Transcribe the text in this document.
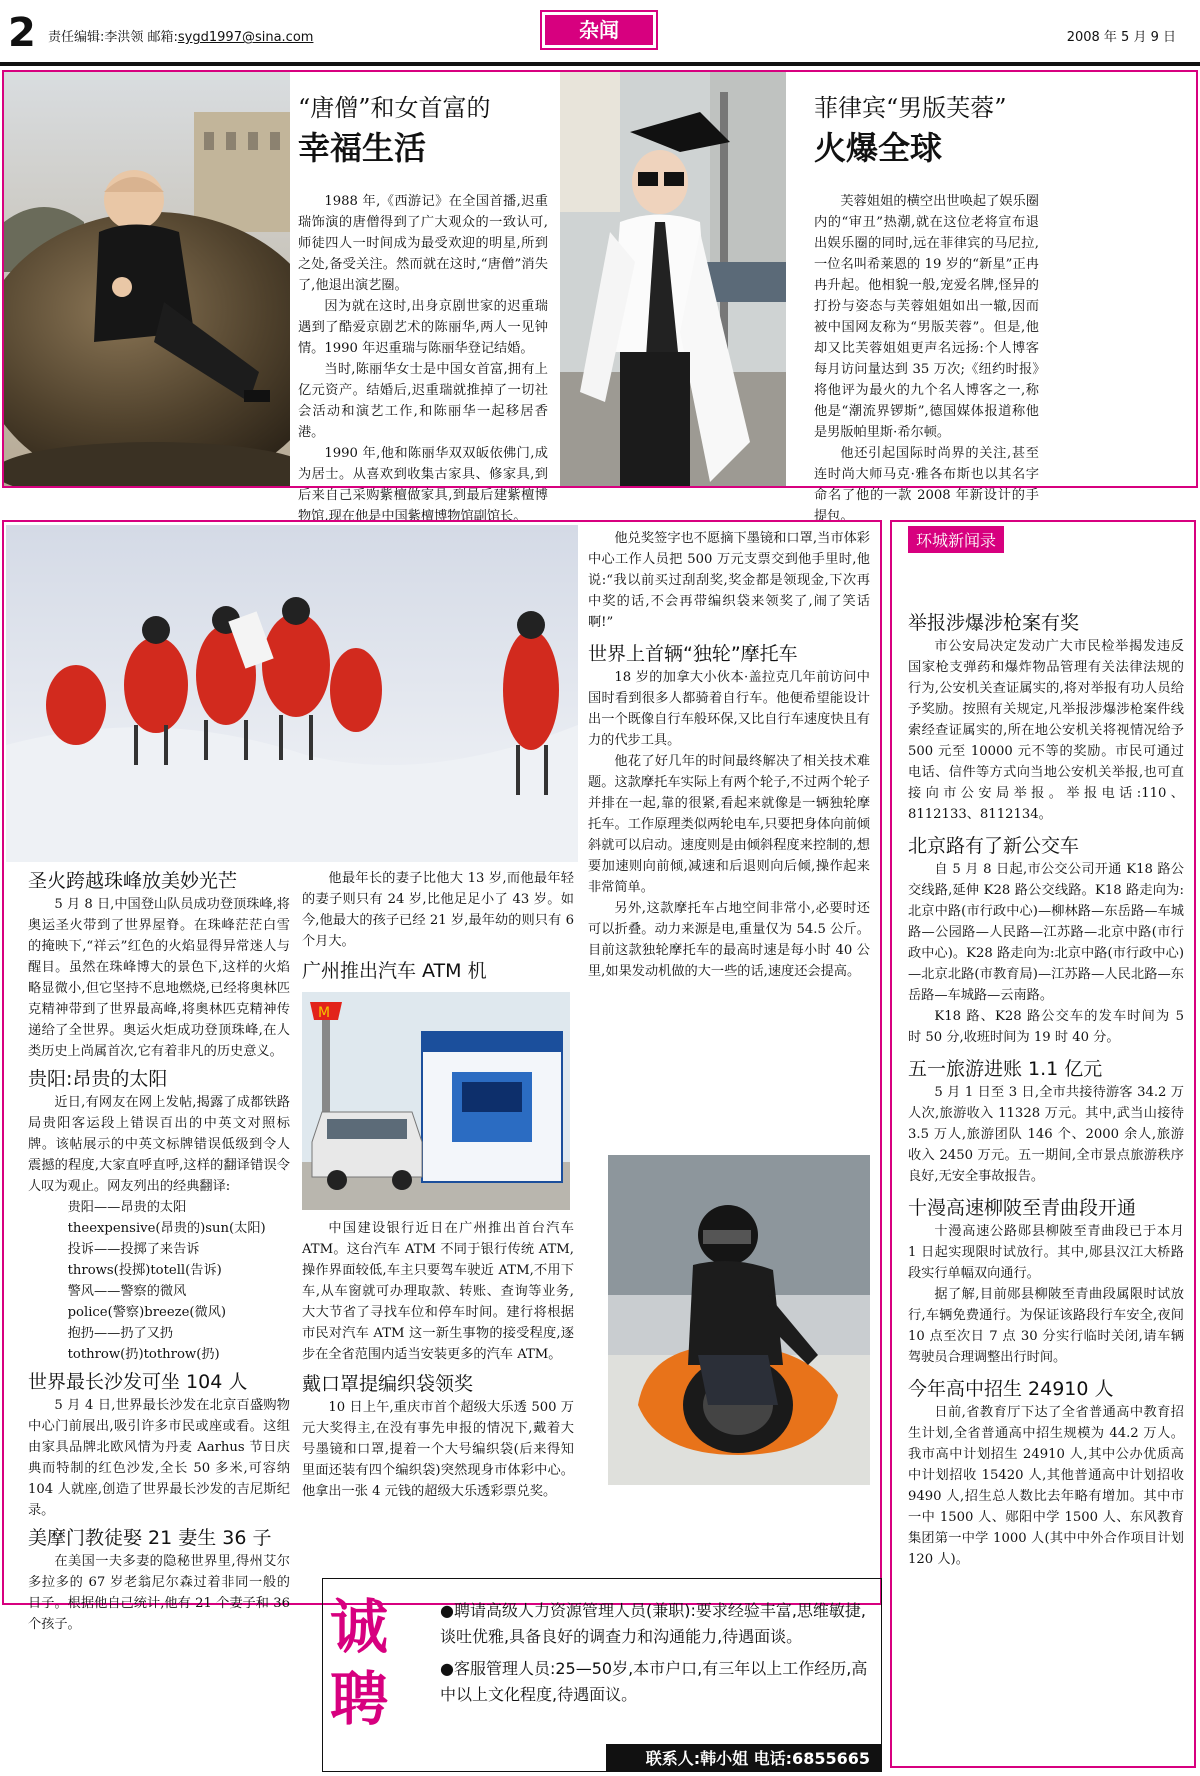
2 责任编辑:李洪领 邮箱:sygd1997@sina.com	杂闻	2008 年 5 月 9 日
“唐僧”和女首富的
幸福生活

1988 年,《西游记》在全国首播,迟重瑞饰演的唐僧得到了广大观众的一致认可,师徒四人一时间成为最受欢迎的明星,所到之处,备受关注。然而就在这时,“唐僧”消失了,他退出演艺圈。

因为就在这时,出身京剧世家的迟重瑞遇到了酷爱京剧艺术的陈丽华,两人一见钟情。1990 年迟重瑞与陈丽华登记结婚。

当时,陈丽华女士是中国女首富,拥有上亿元资产。结婚后,迟重瑞就推掉了一切社会活动和演艺工作,和陈丽华一起移居香港。

1990 年,他和陈丽华双双皈依佛门,成为居士。从喜欢到收集古家具、修家具,到后来自己采购紫檀做家具,到最后建紫檀博物馆,现在他是中国紫檀博物馆副馆长。

菲律宾“男版芙蓉”
火爆全球

芙蓉姐姐的横空出世唤起了娱乐圈内的“审丑”热潮,就在这位老将宣布退出娱乐圈的同时,远在菲律宾的马尼拉,一位名叫希莱恩的 19 岁的“新星”正冉冉升起。他相貌一般,宠爱名牌,怪异的打扮与姿态与芙蓉姐姐如出一辙,因而被中国网友称为“男版芙蓉”。但是,他却又比芙蓉姐姐更声名远扬:个人博客每月访问量达到 35 万次;《纽约时报》将他评为最火的九个名人博客之一,称他是“潮流界锣斯”,德国媒体报道称他是男版帕里斯·希尔顿。

他还引起国际时尚界的关注,甚至连时尚大师马克·雅各布斯也以其名字命名了他的一款 2008 年新设计的手提包。

圣火跨越珠峰放美妙光芒

5 月 8 日,中国登山队员成功登顶珠峰,将奥运圣火带到了世界屋脊。在珠峰茫茫白雪的掩映下,“祥云”红色的火焰显得异常迷人与醒目。虽然在珠峰博大的景色下,这样的火焰略显微小,但它坚持不息地燃烧,已经将奥林匹克精神带到了世界最高峰,将奥林匹克精神传递给了全世界。奥运火炬成功登顶珠峰,在人类历史上尚属首次,它有着非凡的历史意义。

贵阳:昂贵的太阳

近日,有网友在网上发帖,揭露了成都铁路局贵阳客运段上错误百出的中英文对照标牌。该帖展示的中英文标牌错误低级到令人震撼的程度,大家直呼直呼,这样的翻译错误令人叹为观止。网友列出的经典翻译:

贵阳——昂贵的太阳

theexpensive(昂贵的)sun(太阳)

投诉——投掷了来告诉

throws(投掷)totell(告诉)

警风——警察的微风

police(警察)breeze(微风)

抱扔——扔了又扔

tothrow(扔)tothrow(扔)

世界最长沙发可坐 104 人

5 月 4 日,世界最长沙发在北京百盛购物中心门前展出,吸引许多市民或座或看。这组由家具品牌北欧风情为丹麦 Aarhus 节日庆典而特制的红色沙发,全长 50 多米,可容纳 104 人就座,创造了世界最长沙发的吉尼斯纪录。

美摩门教徒娶 21 妻生 36 子

在美国一夫多妻的隐秘世界里,得州艾尔多拉多的 67 岁老翁尼尔森过着非同一般的日子。根据他自己统计,他有 21 个妻子和 36 个孩子。

他最年长的妻子比他大 13 岁,而他最年轻的妻子则只有 24 岁,比他足足小了 43 岁。如今,他最大的孩子已经 21 岁,最年幼的则只有 6 个月大。

广州推出汽车 ATM 机
M

中国建设银行近日在广州推出首台汽车 ATM。这台汽车 ATM 不同于银行传统 ATM,操作界面较低,车主只要驾车驶近 ATM,不用下车,从车窗就可办理取款、转账、查询等业务,大大节省了寻找车位和停车时间。建行将根据市民对汽车 ATM 这一新生事物的接受程度,逐步在全省范围内适当安装更多的汽车 ATM。

戴口罩提编织袋领奖

10 日上午,重庆市首个超级大乐透 500 万元大奖得主,在没有事先申报的情况下,戴着大号墨镜和口罩,提着一个大号编织袋(后来得知里面还装有四个编织袋)突然现身市体彩中心。他拿出一张 4 元钱的超级大乐透彩票兑奖。

他兑奖签字也不愿摘下墨镜和口罩,当市体彩中心工作人员把 500 万元支票交到他手里时,他说:“我以前买过刮刮奖,奖金都是领现金,下次再中奖的话,不会再带编织袋来领奖了,闹了笑话啊!”

世界上首辆“独轮”摩托车

18 岁的加拿大小伙本·盖拉克几年前访问中国时看到很多人都骑着自行车。他便希望能设计出一个既像自行车般环保,又比自行车速度快且有力的代步工具。

他花了好几年的时间最终解决了相关技术难题。这款摩托车实际上有两个轮子,不过两个轮子并排在一起,靠的很紧,看起来就像是一辆独轮摩托车。工作原理类似两轮电车,只要把身体向前倾斜就可以启动。速度则是由倾斜程度来控制的,想要加速则向前倾,减速和后退则向后倾,操作起来非常简单。

另外,这款摩托车占地空间非常小,必要时还可以折叠。动力来源是电,重量仅为 54.5 公斤。目前这款独轮摩托车的最高时速是每小时 40 公里,如果发动机做的大一些的话,速度还会提高。

环城新闻录
举报涉爆涉枪案有奖

市公安局决定发动广大市民检举揭发违反国家枪支弹药和爆炸物品管理有关法律法规的行为,公安机关查证属实的,将对举报有功人员给予奖励。按照有关规定,凡举报涉爆涉枪案件线索经查证属实的,所在地公安机关将视情况给予 500 元至 10000 元不等的奖励。市民可通过电话、信件等方式向当地公安机关举报,也可直接向市公安局举报。举报电话:110、8112133、8112134。

北京路有了新公交车

自 5 月 8 日起,市公交公司开通 K18 路公交线路,延伸 K28 路公交线路。K18 路走向为:北京中路(市行政中心)—柳林路—东岳路—车城路—公园路—人民路—江苏路—北京中路(市行政中心)。K28 路走向为:北京中路(市行政中心)—北京北路(市教育局)—江苏路—人民北路—东岳路—车城路—云南路。

K18 路、K28 路公交车的发车时间为 5 时 50 分,收班时间为 19 时 40 分。

五一旅游进账 1.1 亿元

5 月 1 日至 3 日,全市共接待游客 34.2 万人次,旅游收入 11328 万元。其中,武当山接待 3.5 万人,旅游团队 146 个、2000 余人,旅游收入 2450 万元。五一期间,全市景点旅游秩序良好,无安全事故报告。

十漫高速柳陂至青曲段开通

十漫高速公路郧县柳陂至青曲段已于本月 1 日起实现限时试放行。其中,郧县汉江大桥路段实行单幅双向通行。

据了解,目前郧县柳陂至青曲段属限时试放行,车辆免费通行。为保证该路段行车安全,夜间 10 点至次日 7 点 30 分实行临时关闭,请车辆驾驶员合理调整出行时间。

今年高中招生 24910 人

日前,省教育厅下达了全省普通高中教育招生计划,全省普通高中招生规模为 44.2 万人。我市高中计划招生 24910 人,其中公办优质高中计划招收 15420 人,其他普通高中计划招收 9490 人,招生总人数比去年略有增加。其中市一中 1500 人、郧阳中学 1500 人、东风教育集团第一中学 1000 人(其中中外合作项目计划 120 人)。

诚
聘

●聘请高级人力资源管理人员(兼职):要求经验丰富,思维敏捷,谈吐优雅,具备良好的调查力和沟通能力,待遇面谈。

●客服管理人员:25—50岁,本市户口,有三年以上工作经历,高中以上文化程度,待遇面议。

联系人:韩小姐 电话:6855665
